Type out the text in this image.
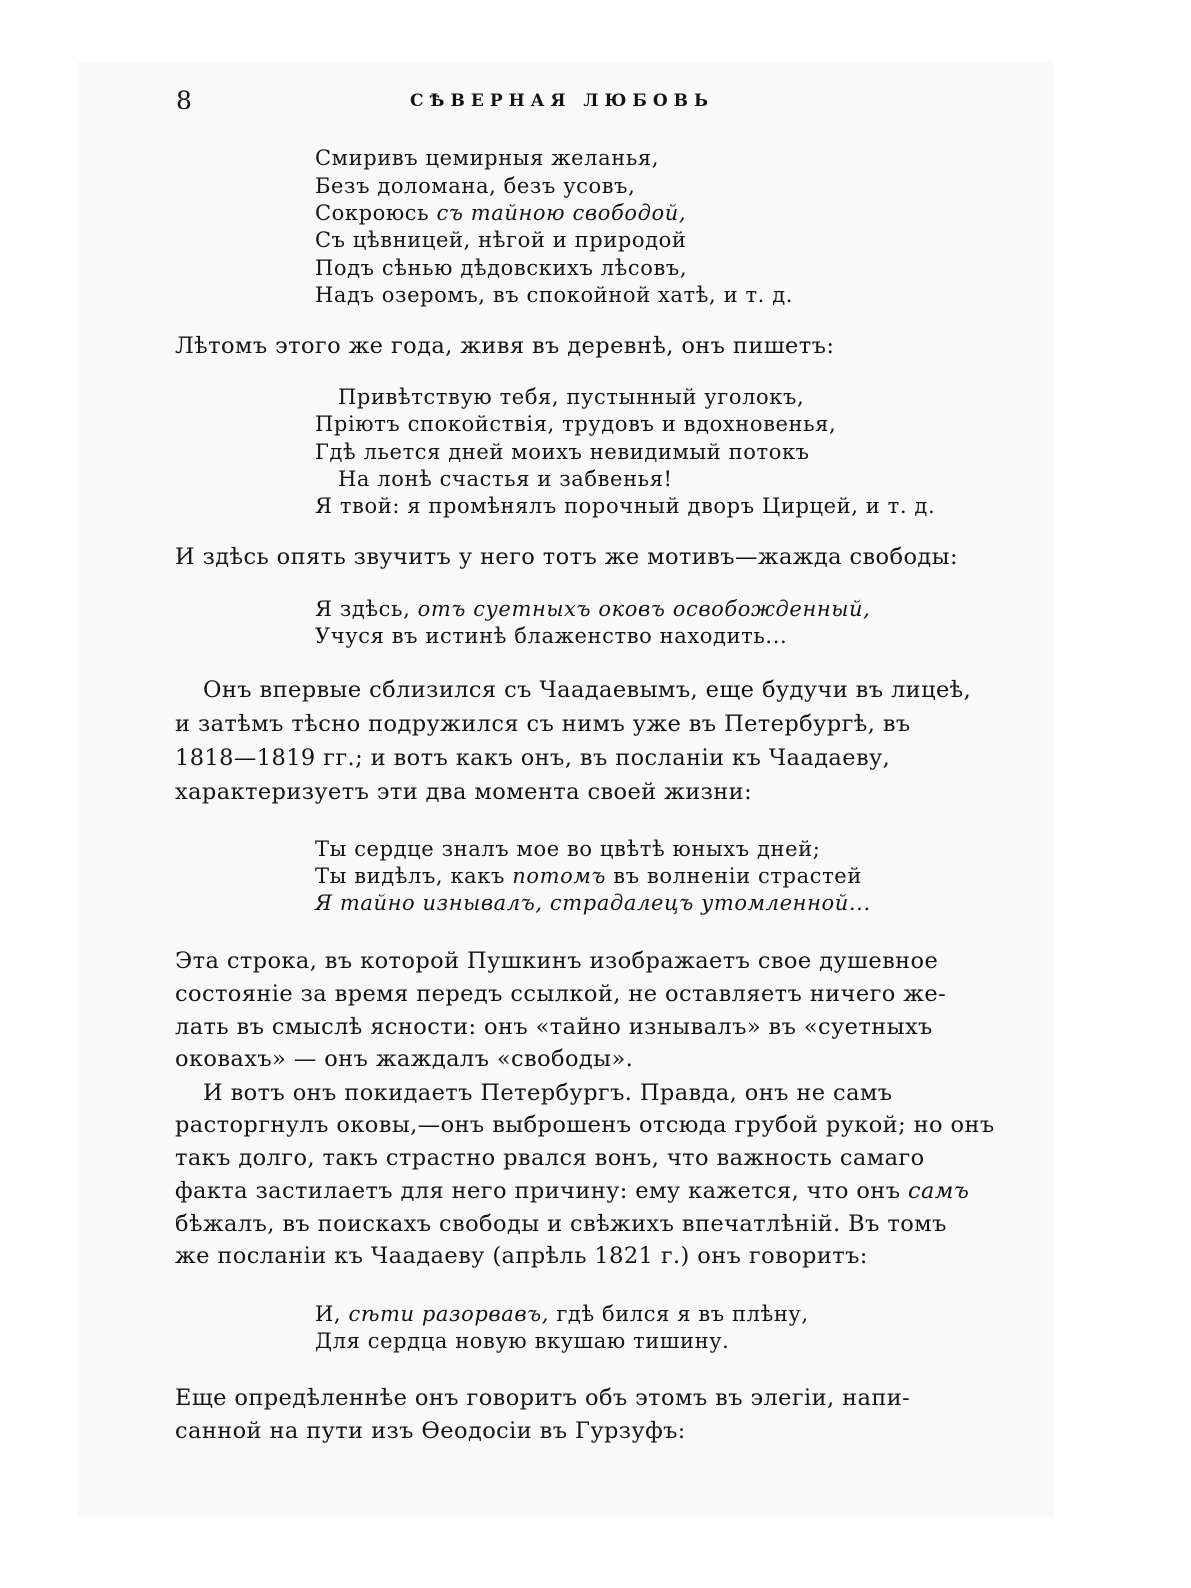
8	СѢВЕРНАЯ ЛЮБОВЬ
Смиривъ цемирныя желанья,
Безъ доломана, безъ усовъ,
Сокроюсь съ тайною свободой,
Съ цѣвницей, нѣгой и природой
Подъ сѣнью дѣдовскихъ лѣсовъ,
Надъ озеромъ, въ спокойной хатѣ, и т. д.
Лѣтомъ этого же года, живя въ деревнѣ, онъ пишетъ:
Привѣтствую тебя, пустынный уголокъ,
Пріютъ спокойствія, трудовъ и вдохновенья,
Гдѣ льется дней моихъ невидимый потокъ
На лонѣ счастья и забвенья!
Я твой: я промѣнялъ порочный дворъ Цирцей, и т. д.
И здѣсь опять звучитъ у него тотъ же мотивъ—жажда свободы:
Я здѣсь, отъ суетныхъ оковъ освобожденный,
Учуся въ истинѣ блаженство находить...
Онъ впервые сблизился съ Чаадаевымъ, еще будучи въ лицеѣ,
и затѣмъ тѣсно подружился съ нимъ уже въ Петербургѣ, въ
1818—1819 гг.; и вотъ какъ онъ, въ посланіи къ Чаадаеву,
характеризуетъ эти два момента своей жизни:
Ты сердце зналъ мое во цвѣтѣ юныхъ дней;
Ты видѣлъ, какъ потомъ въ волненіи страстей
Я тайно изнывалъ, страдалецъ утомленной...
Эта строка, въ которой Пушкинъ изображаетъ свое душевное
состояніе за время передъ ссылкой, не оставляетъ ничего же-
лать въ смыслѣ ясности: онъ «тайно изнывалъ» въ «суетныхъ
оковахъ» — онъ жаждалъ «свободы».
И вотъ онъ покидаетъ Петербургъ. Правда, онъ не самъ
расторгнулъ оковы,—онъ выброшенъ отсюда грубой рукой; но онъ
такъ долго, такъ страстно рвался вонъ, что важность самаго
факта застилаетъ для него причину: ему кажется, что онъ самъ
бѣжалъ, въ поискахъ свободы и свѣжихъ впечатлѣній. Въ томъ
же посланіи къ Чаадаеву (апрѣль 1821 г.) онъ говоритъ:
И, сѣти разорвавъ, гдѣ бился я въ плѣну,
Для сердца новую вкушаю тишину.
Еще опредѣленнѣе онъ говоритъ объ этомъ въ элегіи, напи-
санной на пути изъ Ѳеодосіи въ Гурзуфъ:
